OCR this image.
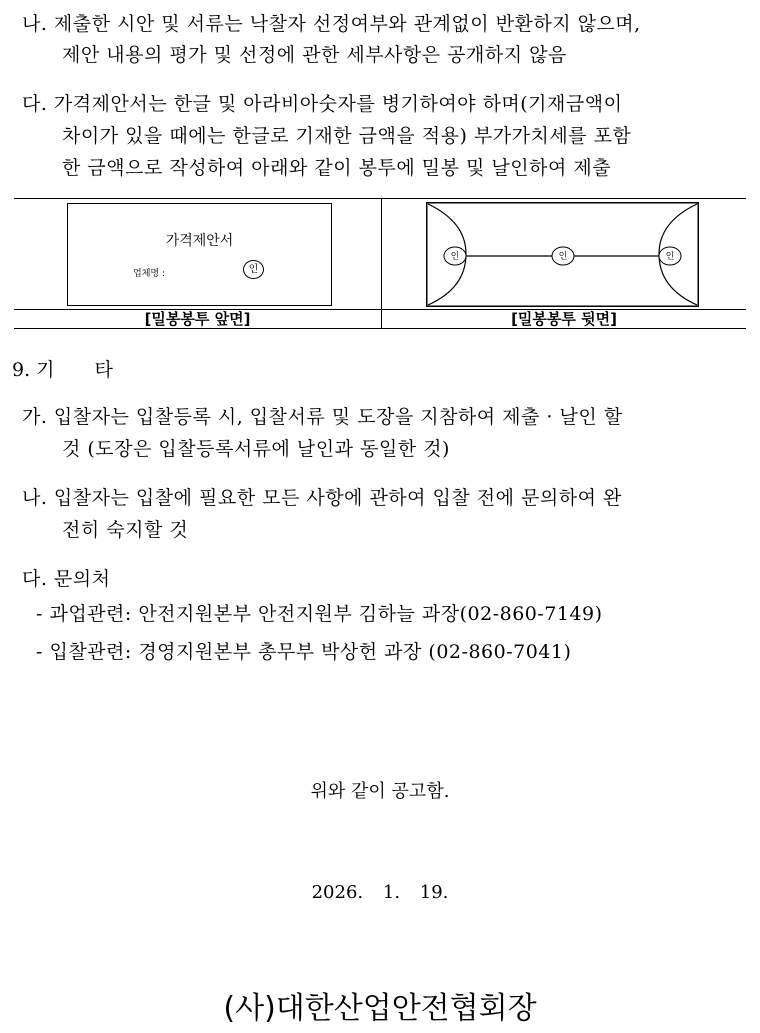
나. 제출한 시안 및 서류는 낙찰자 선정여부와 관계없이 반환하지 않으며,
제안 내용의 평가 및 선정에 관한 세부사항은 공개하지 않음
다. 가격제안서는 한글 및 아라비아숫자를 병기하여야 하며(기재금액이
차이가 있을 때에는 한글로 기재한 금액을 적용) 부가가치세를 포함
한 금액으로 작성하여 아래와 같이 봉투에 밀봉 및 날인하여 제출
가격제안서
업체명 :	인
인	인	인
[밀봉봉투 앞면]	[밀봉봉투 뒷면]
9. 기 타
가. 입찰자는 입찰등록 시, 입찰서류 및 도장을 지참하여 제출 · 날인 할
것 (도장은 입찰등록서류에 날인과 동일한 것)
나. 입찰자는 입찰에 필요한 모든 사항에 관하여 입찰 전에 문의하여 완
전히 숙지할 것
다. 문의처
- 과업관련: 안전지원본부 안전지원부 김하늘 과장(02-860-7149)
- 입찰관련: 경영지원본부 총무부 박상헌 과장 (02-860-7041)
위와 같이 공고함.
2026. 1. 19.
(사)대한산업안전협회장
